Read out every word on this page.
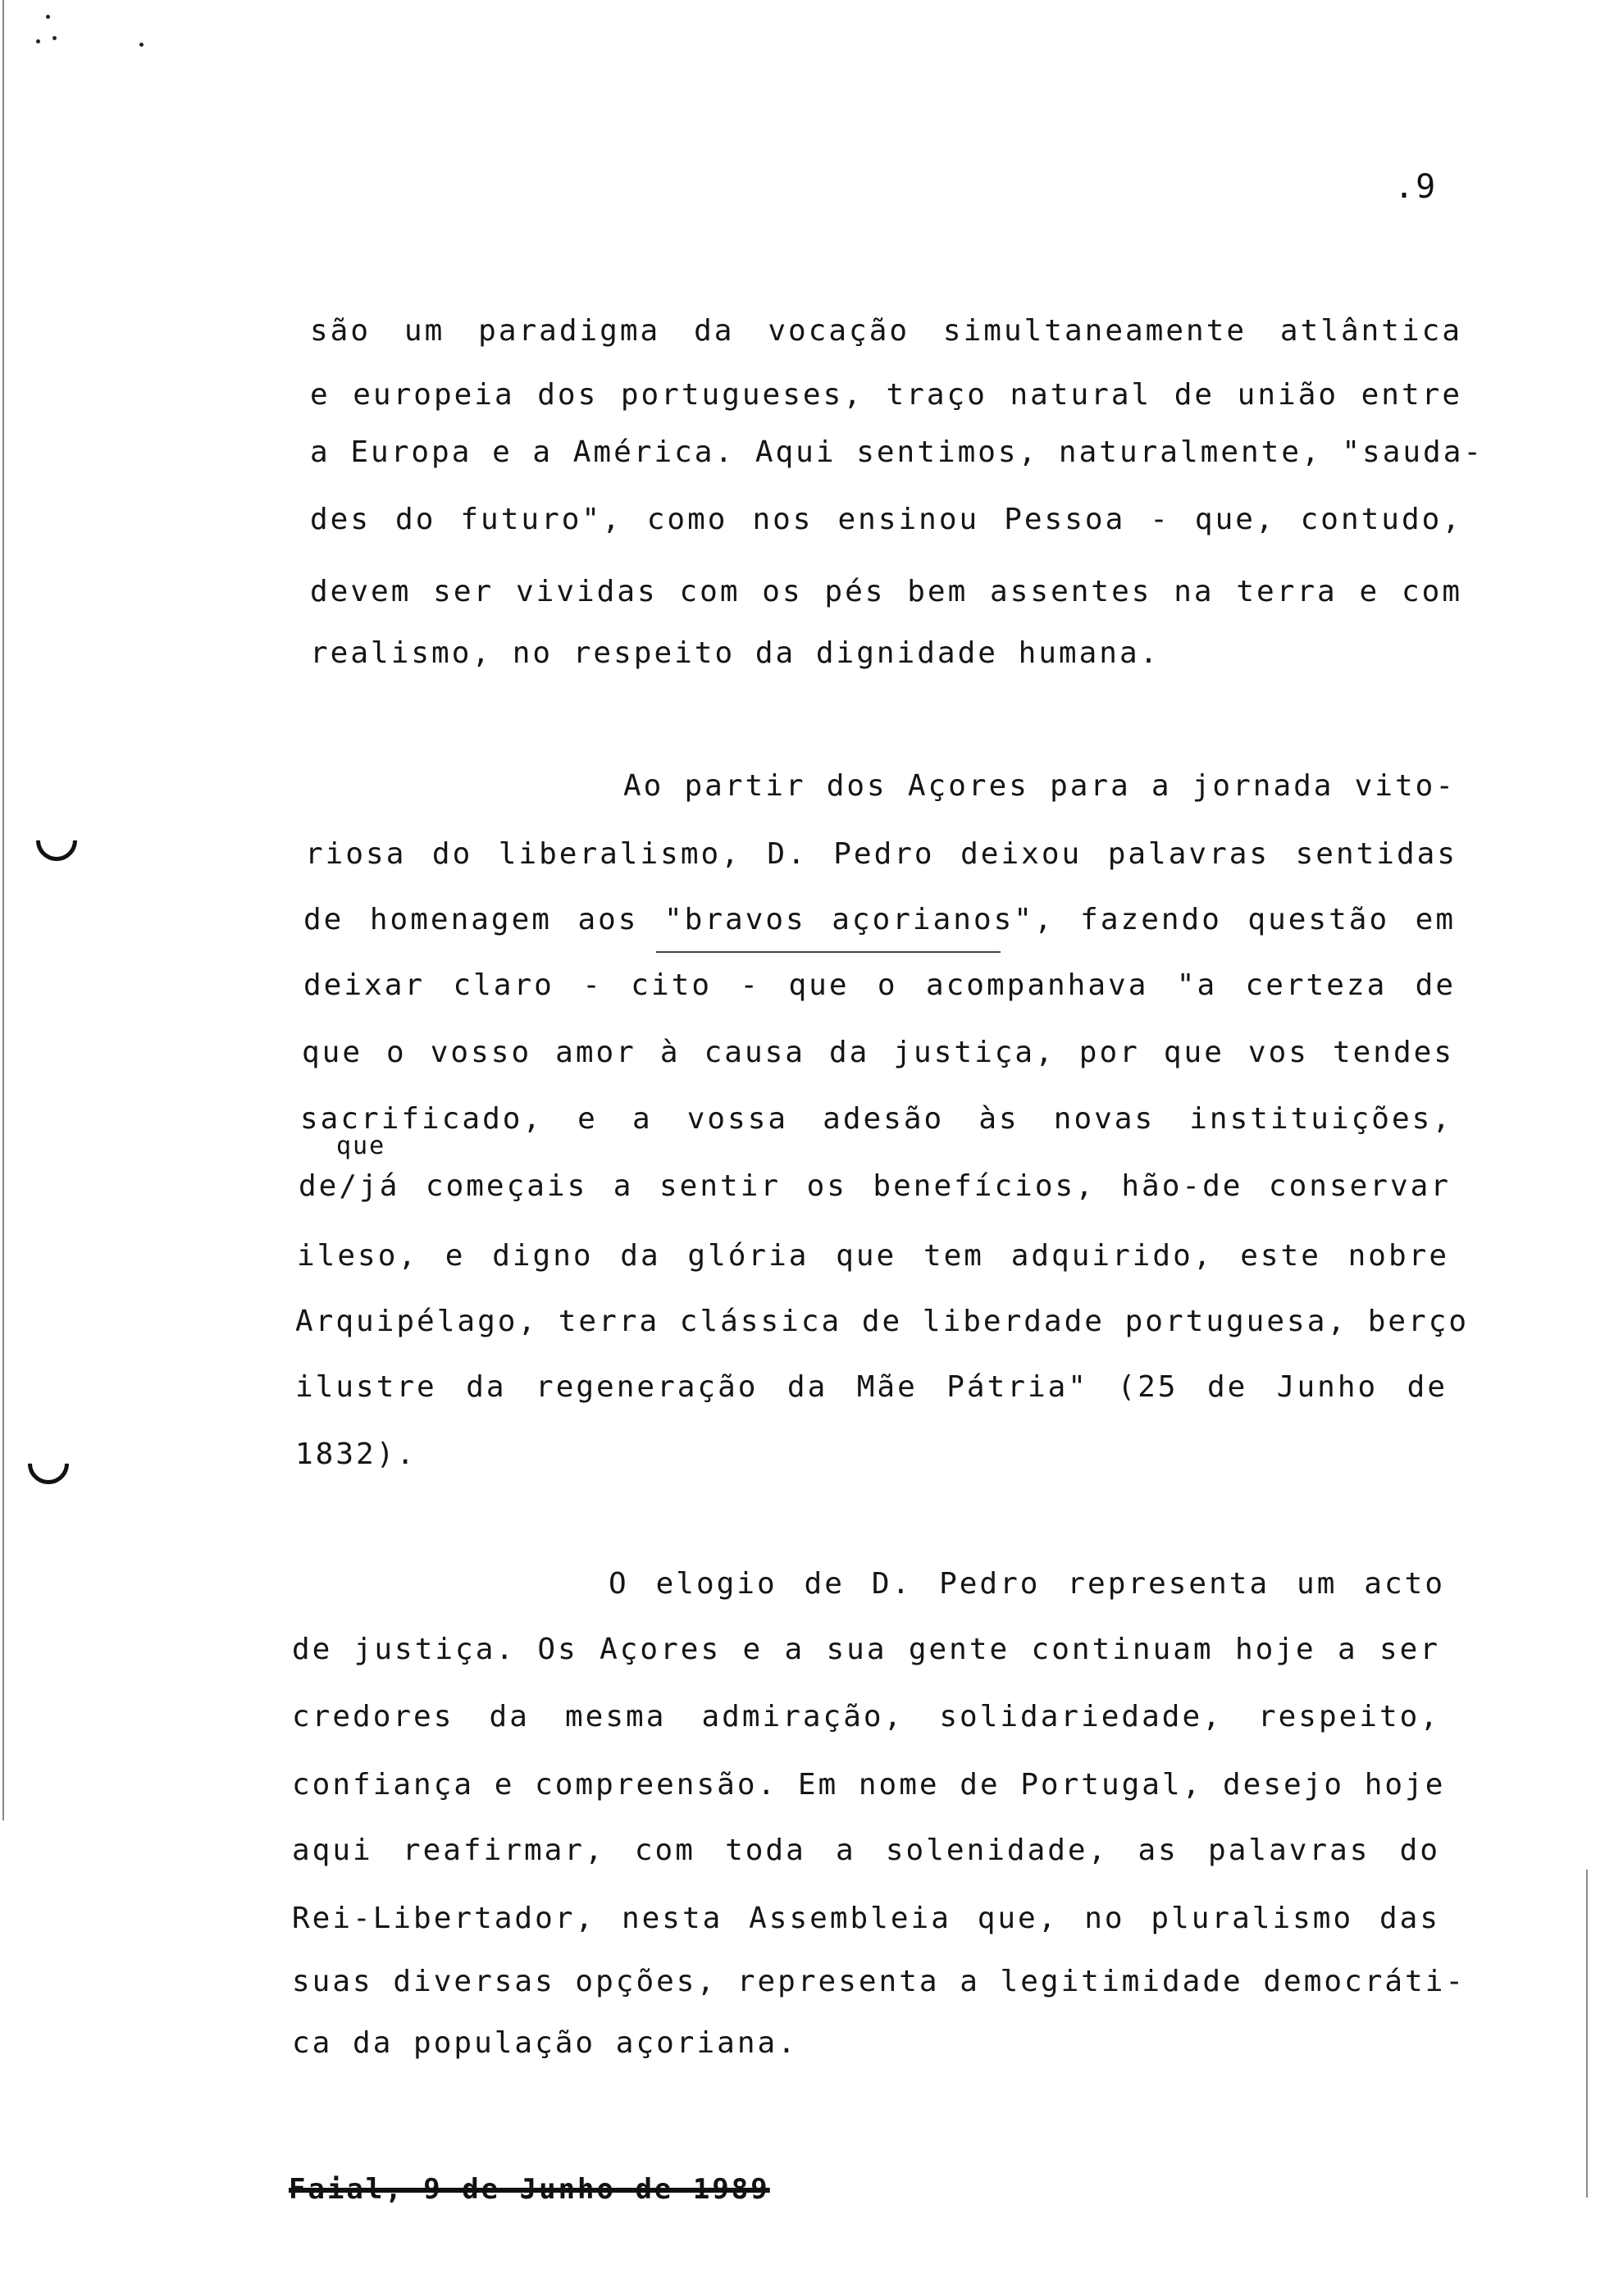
.9
são um paradigma da vocação simultaneamente atlântica
e europeia dos portugueses, traço natural de união entre
a Europa e a América. Aqui sentimos, naturalmente, "sauda-
des do futuro", como nos ensinou Pessoa - que, contudo,
devem ser vividas com os pés bem assentes na terra e com
realismo, no respeito da dignidade humana.
Ao partir dos Açores para a jornada vito-
riosa do liberalismo, D. Pedro deixou palavras sentidas
de homenagem aos "bravos açorianos", fazendo questão em
deixar claro - cito - que o acompanhava "a certeza de
que o vosso amor à causa da justiça, por que vos tendes
sacrificado, e a vossa adesão às novas instituições,
que
de/já começais a sentir os benefícios, hão-de conservar
ileso, e digno da glória que tem adquirido, este nobre
Arquipélago, terra clássica de liberdade portuguesa, berço
ilustre da regeneração da Mãe Pátria" (25 de Junho de
1832).
O elogio de D. Pedro representa um acto
de justiça. Os Açores e a sua gente continuam hoje a ser
credores da mesma admiração, solidariedade, respeito,
confiança e compreensão. Em nome de Portugal, desejo hoje
aqui reafirmar, com toda a solenidade, as palavras do
Rei-Libertador, nesta Assembleia que, no pluralismo das
suas diversas opções, representa a legitimidade democráti-
ca da população açoriana.
Faial, 9 de Junho de 1989
